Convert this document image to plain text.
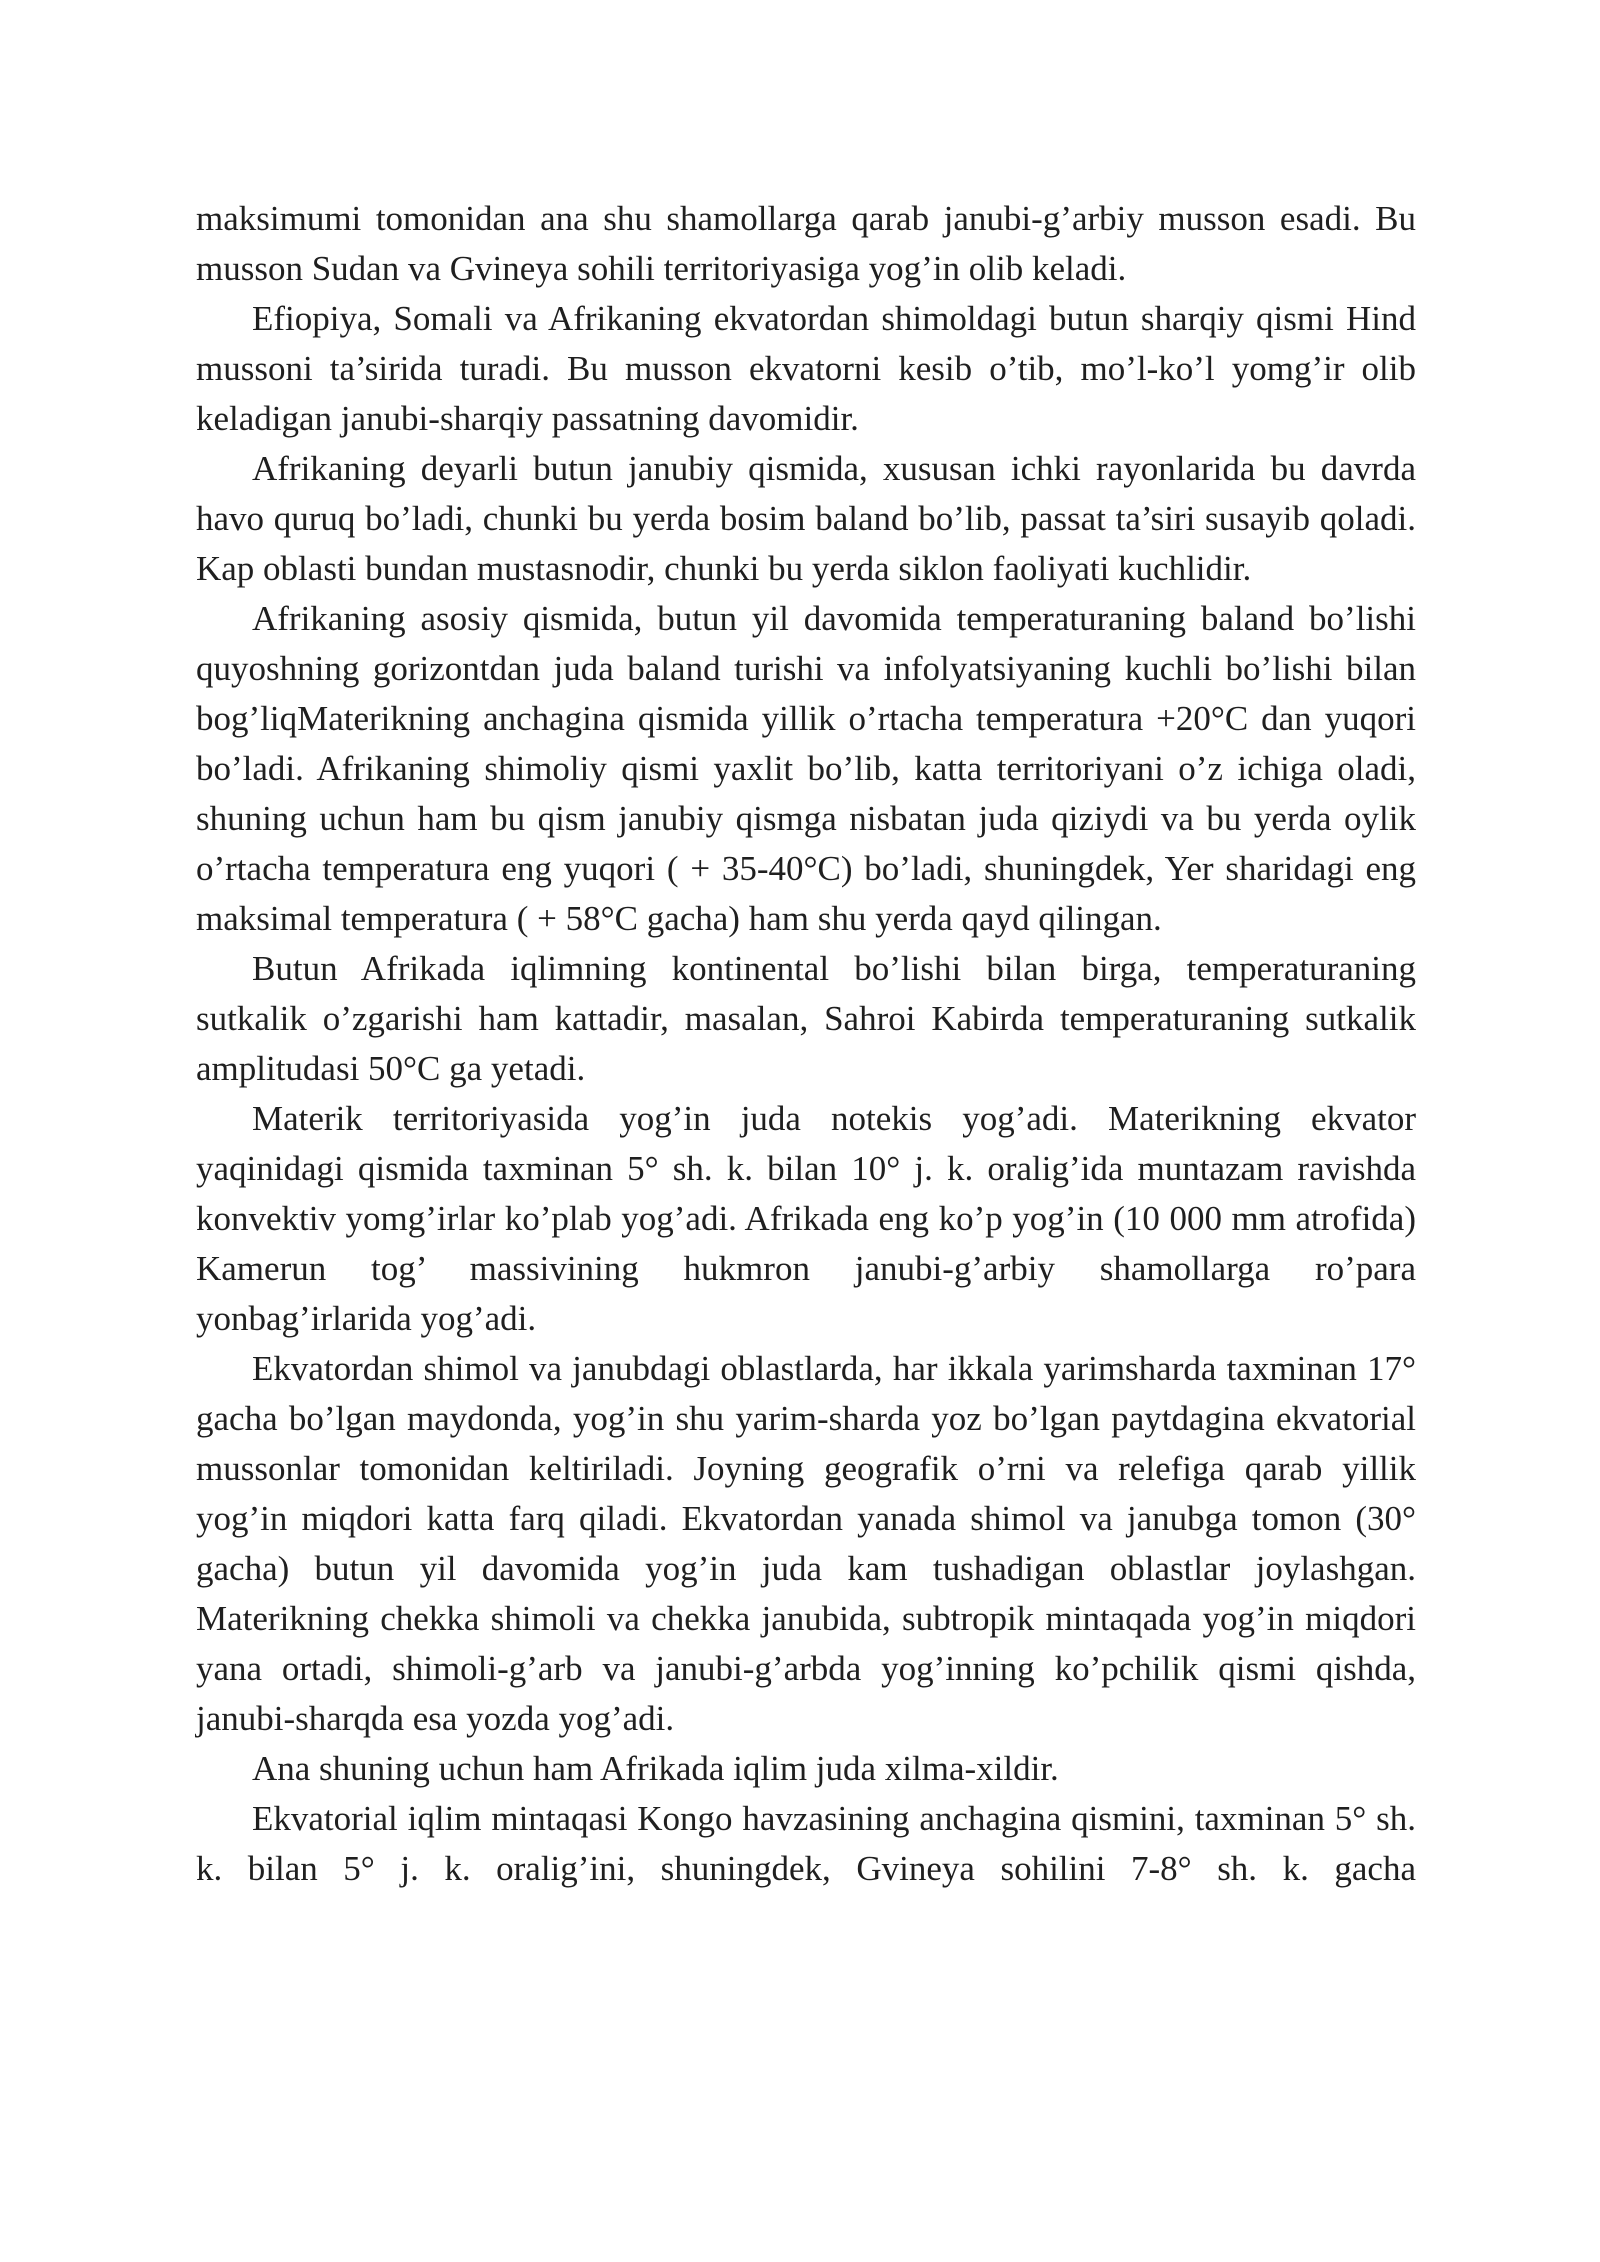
maksimumi tomonidan ana shu shamollarga qarab janubi-g’arbiy musson esadi. Bu musson Sudan va Gvineya sohili territoriyasiga yog’in olib keladi.

Efiopiya, Somali va Afrikaning ekvatordan shimoldagi butun sharqiy qismi Hind mussoni ta’sirida turadi. Bu musson ekvatorni kesib o’tib, mo’l-ko’l yomg’ir olib keladigan janubi-sharqiy passatning davomidir.

Afrikaning deyarli butun janubiy qismida, xususan ichki rayonlarida bu davrda havo quruq bo’ladi, chunki bu yerda bosim baland bo’lib, passat ta’siri susayib qoladi. Kap oblasti bundan mustasnodir, chunki bu yerda siklon faoliyati kuchlidir.

Afrikaning asosiy qismida, butun yil davomida temperaturaning baland bo’lishi quyoshning gorizontdan juda baland turishi va infolyatsiyaning kuchli bo’lishi bilan bog’liqMaterikning anchagina qismida yillik o’rtacha temperatura +20°C dan yuqori bo’ladi. Afrikaning shimoliy qismi yaxlit bo’lib, katta territoriyani o’z ichiga oladi, shuning uchun ham bu qism janubiy qismga nisbatan juda qiziydi va bu yerda oylik o’rtacha temperatura eng yuqori ( + 35-40°C) bo’ladi, shuningdek, Yer sharidagi eng maksimal temperatura ( + 58°C gacha) ham shu yerda qayd qilingan.

Butun Afrikada iqlimning kontinental bo’lishi bilan birga, temperaturaning sutkalik o’zgarishi ham kattadir, masalan, Sahroi Kabirda temperaturaning sutkalik amplitudasi 50°C ga yetadi.

Materik territoriyasida yog’in juda notekis yog’adi. Materikning ekvator yaqinidagi qismida taxminan 5° sh. k. bilan 10° j. k. oralig’ida muntazam ravishda konvektiv yomg’irlar ko’plab yog’adi. Afrikada eng ko’p yog’in (10 000 mm atrofida) Kamerun tog’ massivining hukmron janubi-g’arbiy shamollarga ro’para yonbag’irlarida yog’adi.

Ekvatordan shimol va janubdagi oblastlarda, har ikkala yarimsharda taxminan 17° gacha bo’lgan maydonda, yog’in shu yarim-sharda yoz bo’lgan paytdagina ekvatorial mussonlar tomonidan keltiriladi. Joyning geografik o’rni va relefiga qarab yillik yog’in miqdori katta farq qiladi. Ekvatordan yanada shimol va janubga tomon (30° gacha) butun yil davomida yog’in juda kam tushadigan oblastlar joylashgan. Materikning chekka shimoli va chekka janubida, subtropik mintaqada yog’in miqdori yana ortadi, shimoli-g’arb va janubi-g’arbda yog’inning ko’pchilik qismi qishda, janubi-sharqda esa yozda yog’adi.

Ana shuning uchun ham Afrikada iqlim juda xilma-xildir.

Ekvatorial iqlim mintaqasi Kongo havzasining anchagina qismini, taxminan 5° sh. k. bilan 5° j. k. oralig’ini, shuningdek, Gvineya sohilini 7-8° sh. k. gacha
